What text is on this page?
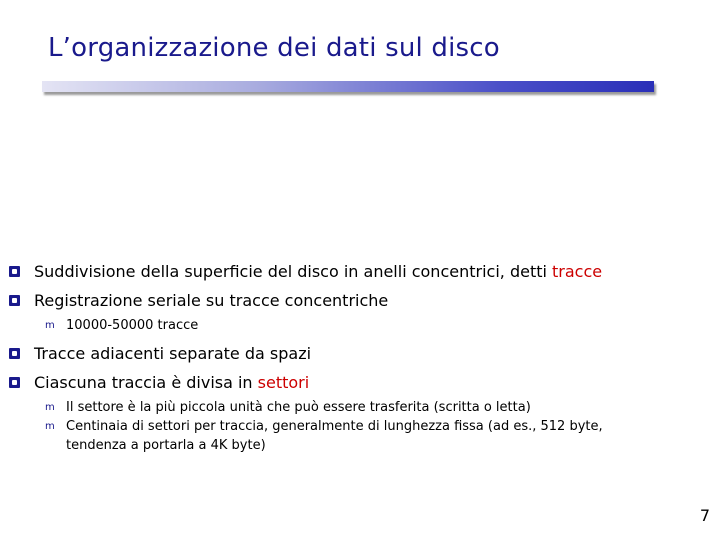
L’organizzazione dei dati sul disco
Suddivisione della superficie del disco in anelli concentrici, detti tracce
Registrazione seriale su tracce concentriche
m 10000-50000 tracce
Tracce adiacenti separate da spazi
Ciascuna traccia è divisa in settori
m Il settore è la più piccola unità che può essere trasferita (scritta o letta)
m Centinaia di settori per traccia, generalmente di lunghezza fissa (ad es., 512 byte,
tendenza a portarla a 4K byte)
7
